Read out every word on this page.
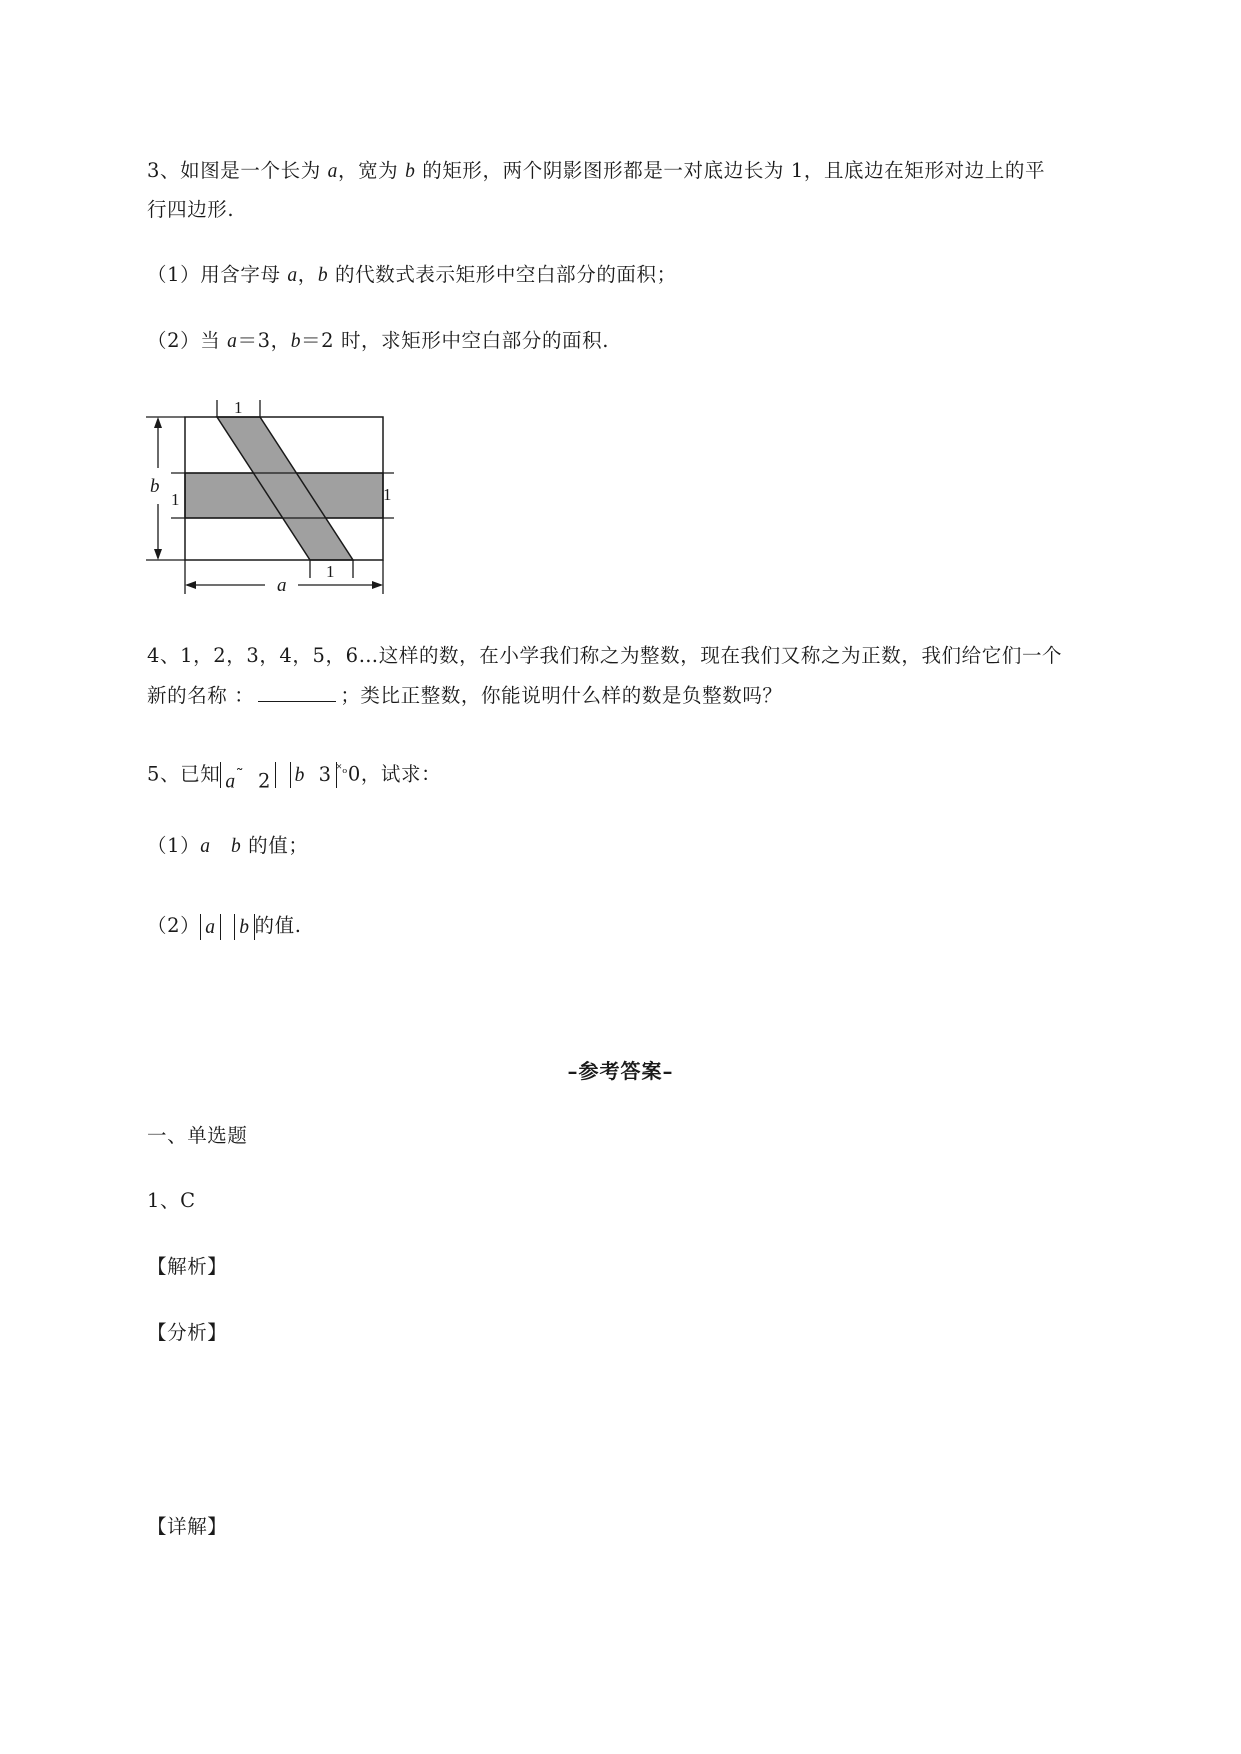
3、如图是一个长为 a，宽为 b 的矩形，两个阴影图形都是一对底边长为 1，且底边在矩形对边上的平
行四边形.
（1）用含字母 a，b 的代数式表示矩形中空白部分的面积；
（2）当 a＝3，b＝2 时，求矩形中空白部分的面积.
b
1	1
1
1
a
4、1，2，3，4，5，6…这样的数，在小学我们称之为整数，现在我们又称之为正数，我们给它们一个
新的名称 ：	；类比正整数，你能说明什么样的数是负整数吗？
5、已知 a˜ 2 b 3 $^{˟_o}$0，试求：
（1）a b 的值；
（2） a b 的值.
–参考答案–
一、单选题
1、C
【解析】
【分析】
【详解】
